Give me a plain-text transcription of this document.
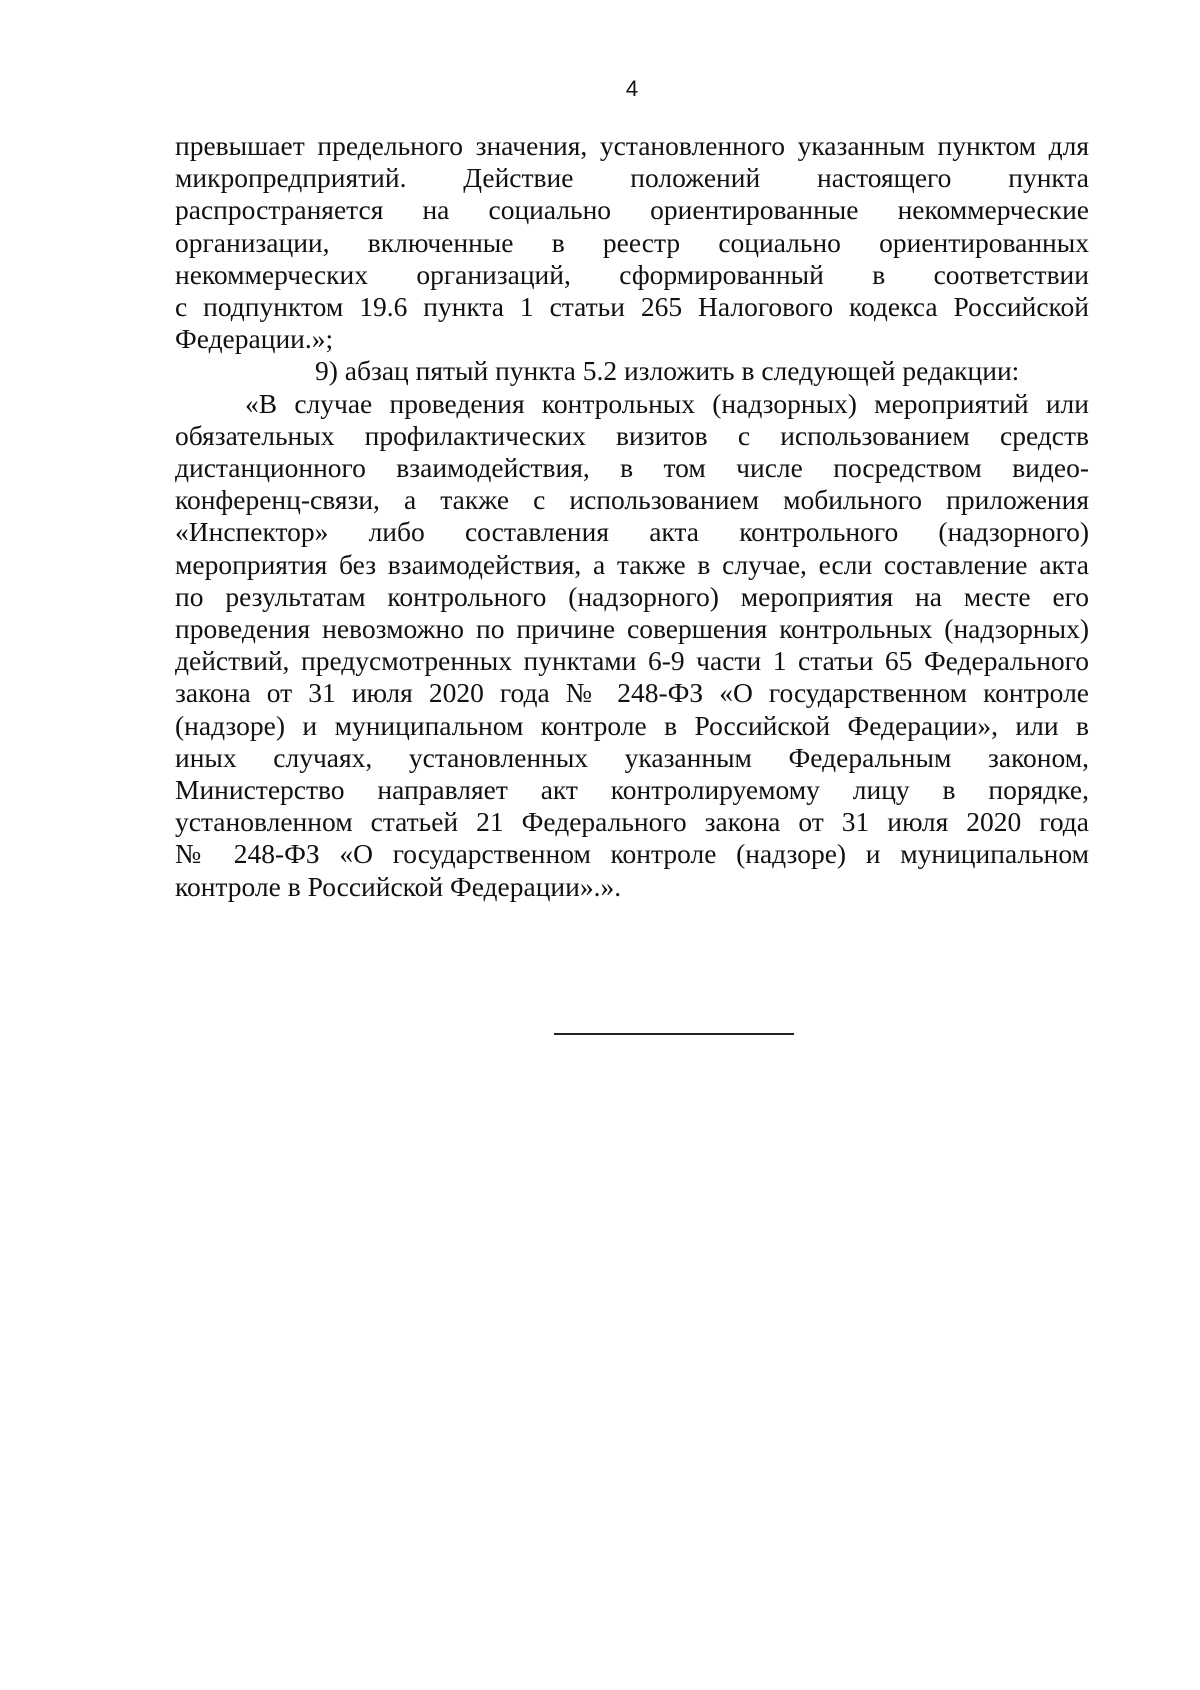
4

превышает предельного значения, установленного указанным пунктом для
микропредприятий. Действие положений настоящего пункта
распространяется на социально ориентированные некоммерческие
организации, включенные в реестр социально ориентированных
некоммерческих организаций, сформированный в соответствии
с подпунктом 19.6 пункта 1 статьи 265 Налогового кодекса Российской
Федерации.»;

9) абзац пятый пункта 5.2 изложить в следующей редакции:

«В случае проведения контрольных (надзорных) мероприятий или
обязательных профилактических визитов с использованием средств
дистанционного взаимодействия, в том числе посредством видео-
конференц-связи, а также с использованием мобильного приложения
«Инспектор» либо составления акта контрольного (надзорного)
мероприятия без взаимодействия, а также в случае, если составление акта
по результатам контрольного (надзорного) мероприятия на месте его
проведения невозможно по причине совершения контрольных (надзорных)
действий, предусмотренных пунктами 6-9 части 1 статьи 65 Федерального
закона от 31 июля 2020 года № 248-ФЗ «О государственном контроле
(надзоре) и муниципальном контроле в Российской Федерации», или в
иных случаях, установленных указанным Федеральным законом,
Министерство направляет акт контролируемому лицу в порядке,
установленном статьей 21 Федерального закона от 31 июля 2020 года
№ 248-ФЗ «О государственном контроле (надзоре) и муниципальном
контроле в Российской Федерации».».
